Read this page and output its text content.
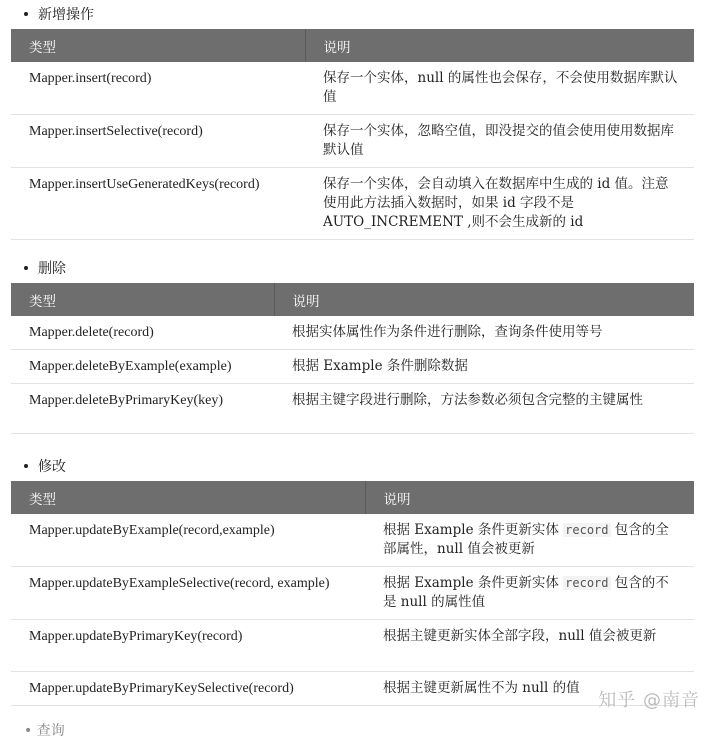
新增操作
类型	说明
Mapper.insert(record)	保存一个实体，null 的属性也会保存，不会使用数据库默认值
Mapper.insertSelective(record)	保存一个实体，忽略空值，即没提交的值会使用使用数据库默认值
Mapper.insertUseGeneratedKeys(record)	保存一个实体，会自动填入在数据库中生成的 id 值。注意使用此方法插入数据时，如果 id 字段不是 AUTO_INCREMENT ,则不会生成新的 id
删除
类型	说明
Mapper.delete(record)	根据实体属性作为条件进行删除，查询条件使用等号
Mapper.deleteByExample(example)	根据 Example 条件删除数据
Mapper.deleteByPrimaryKey(key)	根据主键字段进行删除，方法参数必须包含完整的主键属性
修改
类型	说明
Mapper.updateByExample(record,example)	根据 Example 条件更新实体 record 包含的全部属性，null 值会被更新
Mapper.updateByExampleSelective(record, example)	根据 Example 条件更新实体 record 包含的不是 null 的属性值
Mapper.updateByPrimaryKey(record)	根据主键更新实体全部字段，null 值会被更新
Mapper.updateByPrimaryKeySelective(record)	根据主键更新属性不为 null 的值
• 查询
知乎 @南音
